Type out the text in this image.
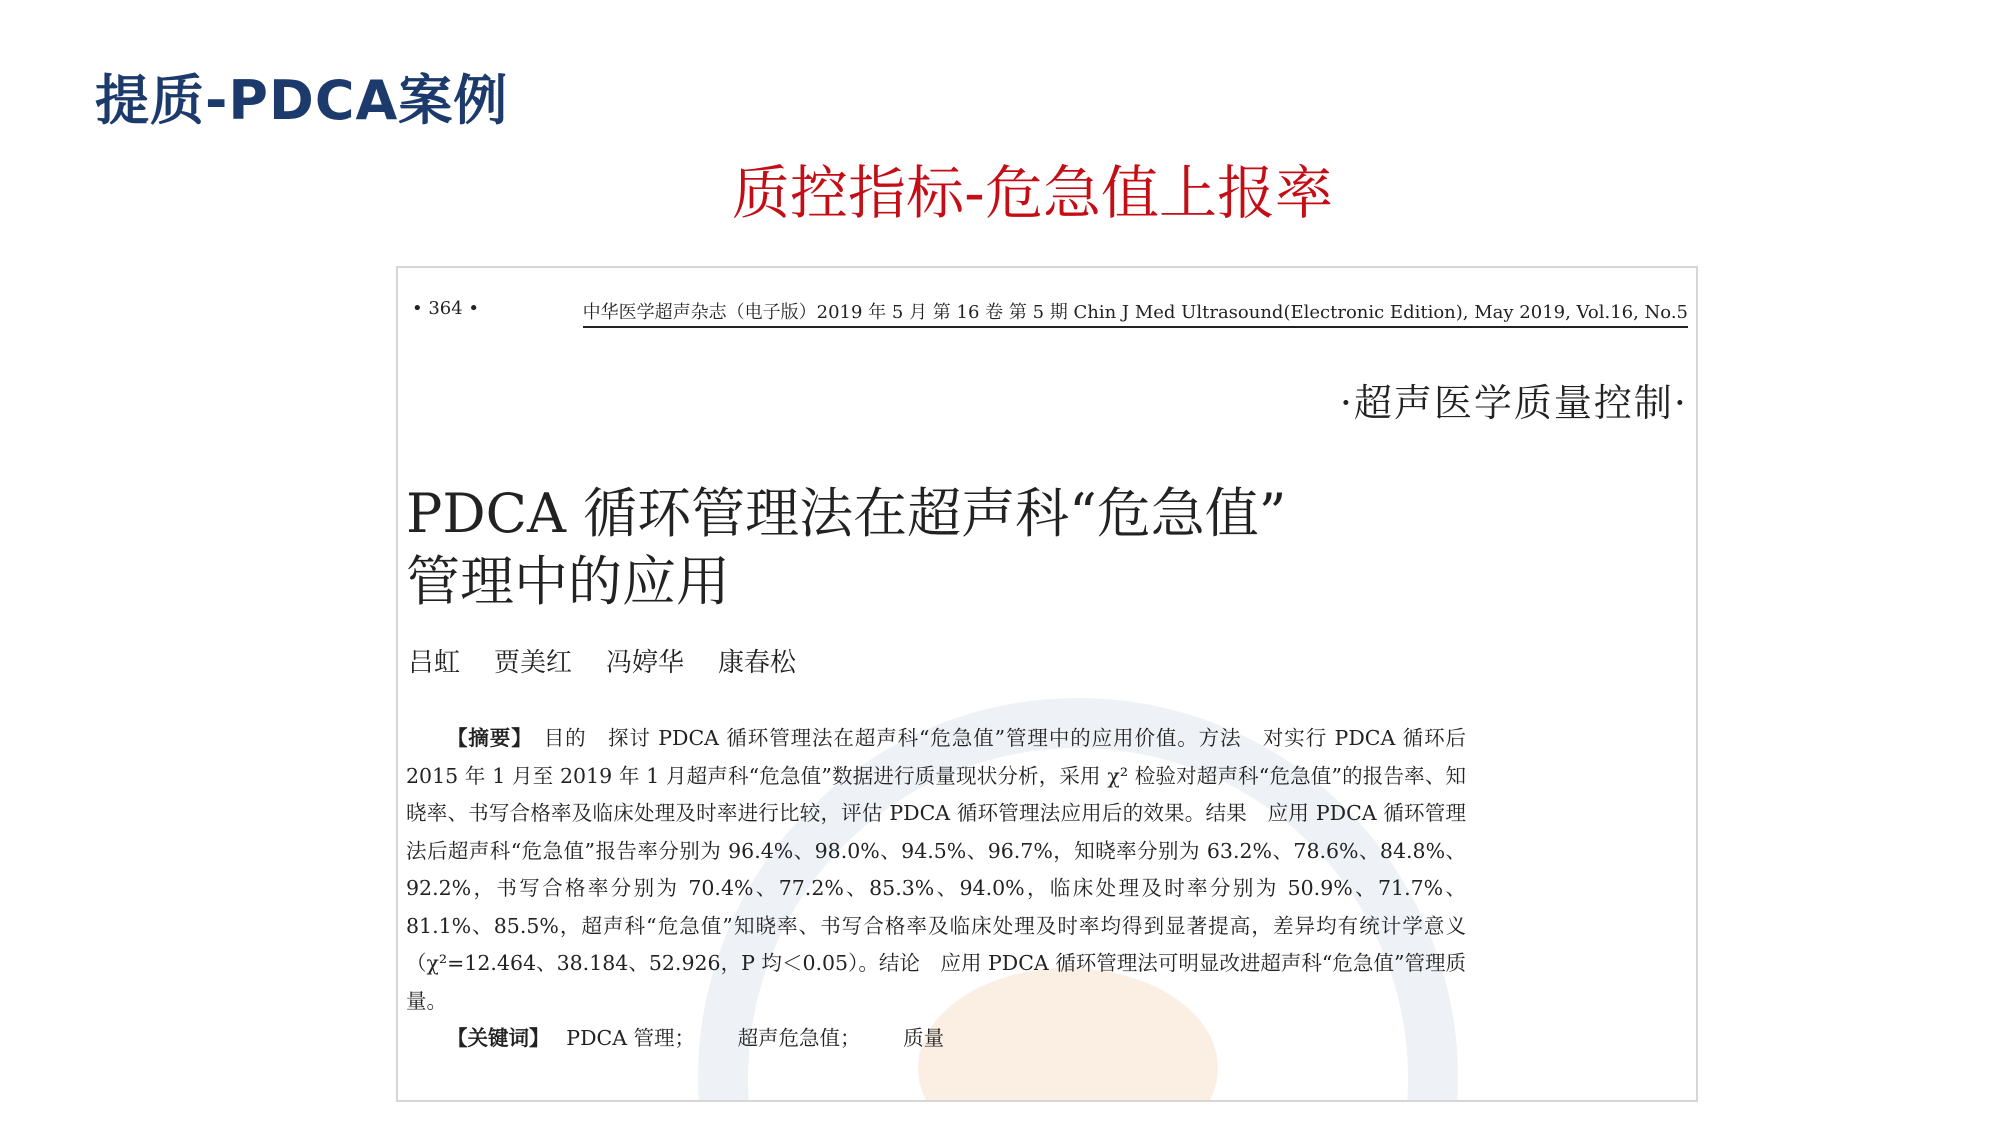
提质-PDCA案例
质控指标-危急值上报率
• 364 •	中华医学超声杂志（电子版）2019 年 5 月 第 16 卷 第 5 期 Chin J Med Ultrasound(Electronic Edition), May 2019, Vol.16, No.5
·超声医学质量控制·
PDCA 循环管理法在超声科“危急值”
管理中的应用
吕虹 贾美红 冯婷华 康春松

【摘要】　 目的　探讨 PDCA 循环管理法在超声科“危急值”管理中的应用价值。方法　对实行 PDCA 循环后 2015 年 1 月至 2019 年 1 月超声科“危急值”数据进行质量现状分析，采用 χ² 检验对超声科“危急值”的报告率、知晓率、书写合格率及临床处理及时率进行比较，评估 PDCA 循环管理法应用后的效果。结果　应用 PDCA 循环管理法后超声科“危急值”报告率分别为 96.4%、98.0%、94.5%、96.7%，知晓率分别为 63.2%、78.6%、84.8%、92.2%，书写合格率分别为 70.4%、77.2%、85.3%、94.0%，临床处理及时率分别为 50.9%、71.7%、81.1%、85.5%，超声科“危急值”知晓率、书写合格率及临床处理及时率均得到显著提高，差异均有统计学意义（χ²=12.464、38.184、52.926，P 均＜0.05）。结论　应用 PDCA 循环管理法可明显改进超声科“危急值”管理质量。

【关键词】　 PDCA 管理； 超声危急值； 质量
